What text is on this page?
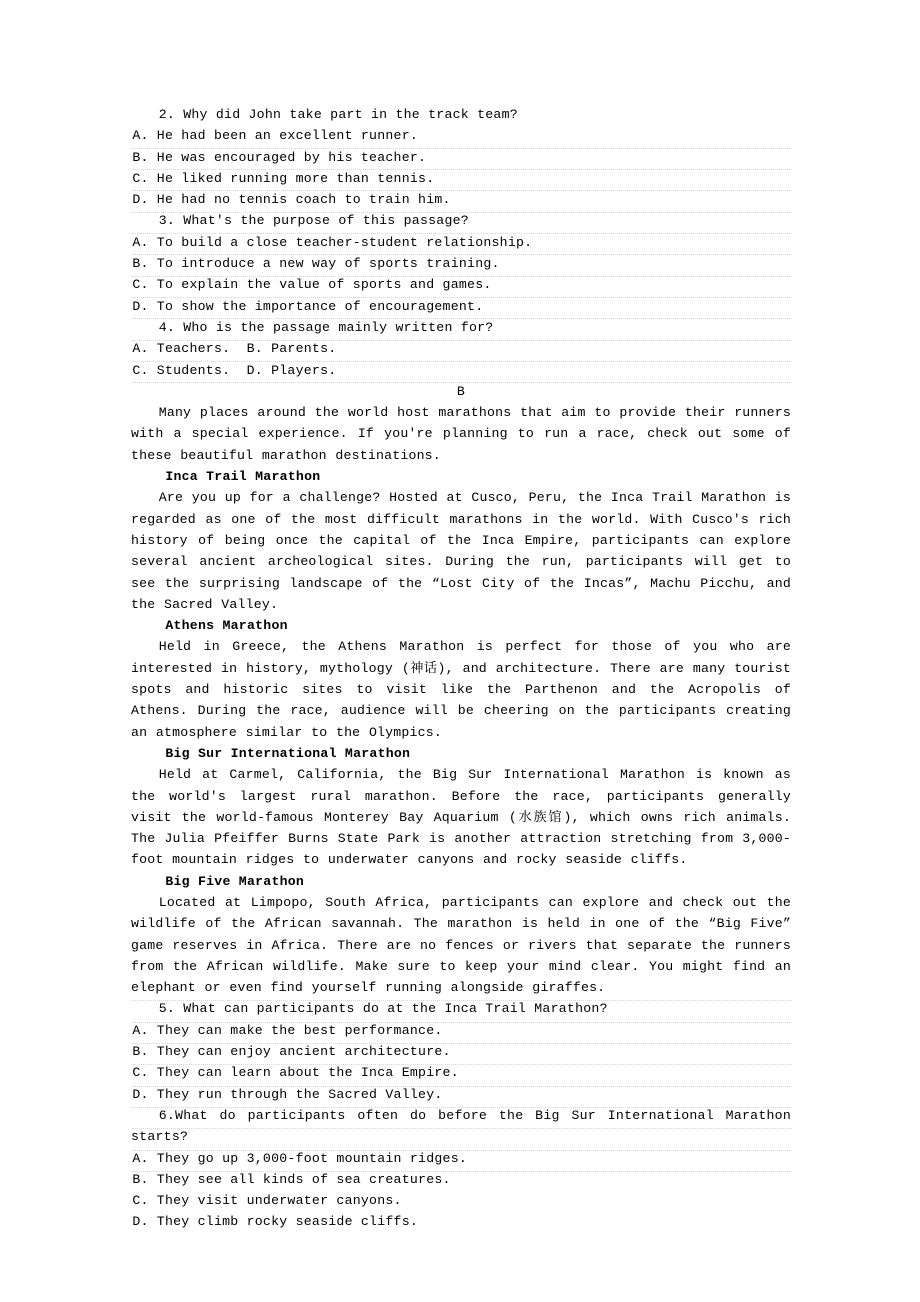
2. Why did John take part in the track team?
A. He had been an excellent runner.
B. He was encouraged by his teacher.
C. He liked running more than tennis.
D. He had no tennis coach to train him.
3. What's the purpose of this passage?
A. To build a close teacher-student relationship.
B. To introduce a new way of sports training.
C. To explain the value of sports and games.
D. To show the importance of encouragement.
4. Who is the passage mainly written for?
A. Teachers.  B. Parents.
C. Students.  D. Players.
B
Many places around the world host marathons that aim to provide their runners with a special experience. If you're planning to run a race, check out some of these beautiful marathon destinations.
Inca Trail Marathon
Are you up for a challenge? Hosted at Cusco, Peru, the Inca Trail Marathon is regarded as one of the most difficult marathons in the world. With Cusco's rich history of being once the capital of the Inca Empire, participants can explore several ancient archeological sites. During the run, participants will get to see the surprising landscape of the “Lost City of the Incas”, Machu Picchu, and the Sacred Valley.
Athens Marathon
Held in Greece, the Athens Marathon is perfect for those of you who are interested in history, mythology (神话), and architecture. There are many tourist spots and historic sites to visit like the Parthenon and the Acropolis of Athens. During the race, audience will be cheering on the participants creating an atmosphere similar to the Olympics.
Big Sur International Marathon
Held at Carmel, California, the Big Sur International Marathon is known as the world's largest rural marathon. Before the race, participants generally visit the world-famous Monterey Bay Aquarium (水族馆), which owns rich animals. The Julia Pfeiffer Burns State Park is another attraction stretching from 3,000-foot mountain ridges to underwater canyons and rocky seaside cliffs.
Big Five Marathon
Located at Limpopo, South Africa, participants can explore and check out the wildlife of the African savannah. The marathon is held in one of the “Big Five” game reserves in Africa. There are no fences or rivers that separate the runners from the African wildlife. Make sure to keep your mind clear. You might find an elephant or even find yourself running alongside giraffes.
5. What can participants do at the Inca Trail Marathon?
A. They can make the best performance.
B. They can enjoy ancient architecture.
C. They can learn about the Inca Empire.
D. They run through the Sacred Valley.
6.What do participants often do before the Big Sur International Marathon starts?
A. They go up 3,000-foot mountain ridges.
B. They see all kinds of sea creatures.
C. They visit underwater canyons.
D. They climb rocky seaside cliffs.
